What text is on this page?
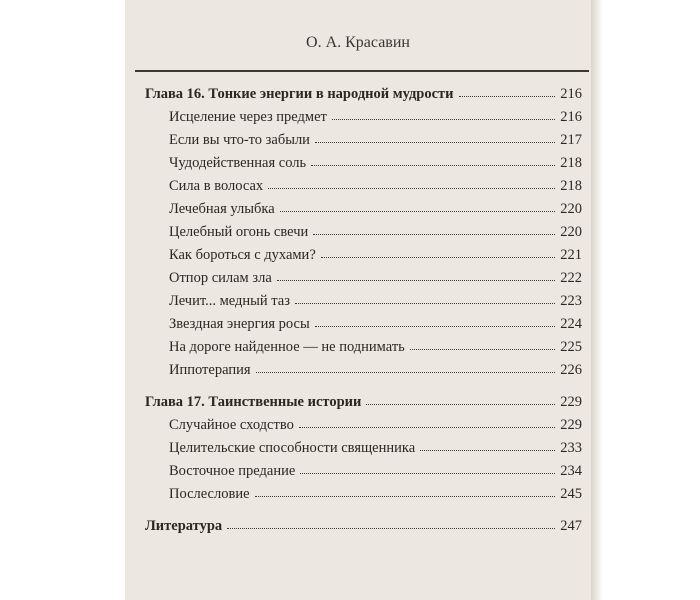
О. А. Красавин
Глава 16. Тонкие энергии в народной мудрости	216
Исцеление через предмет	216
Если вы что-то забыли	217
Чудодейственная соль	218
Сила в волосах	218
Лечебная улыбка	220
Целебный огонь свечи	220
Как бороться с духами?	221
Отпор силам зла	222
Лечит... медный таз	223
Звездная энергия росы	224
На дороге найденное — не поднимать	225
Иппотерапия	226
Глава 17. Таинственные истории	229
Случайное сходство	229
Целительские способности священника	233
Восточное предание	234
Послесловие	245
Литература	247
